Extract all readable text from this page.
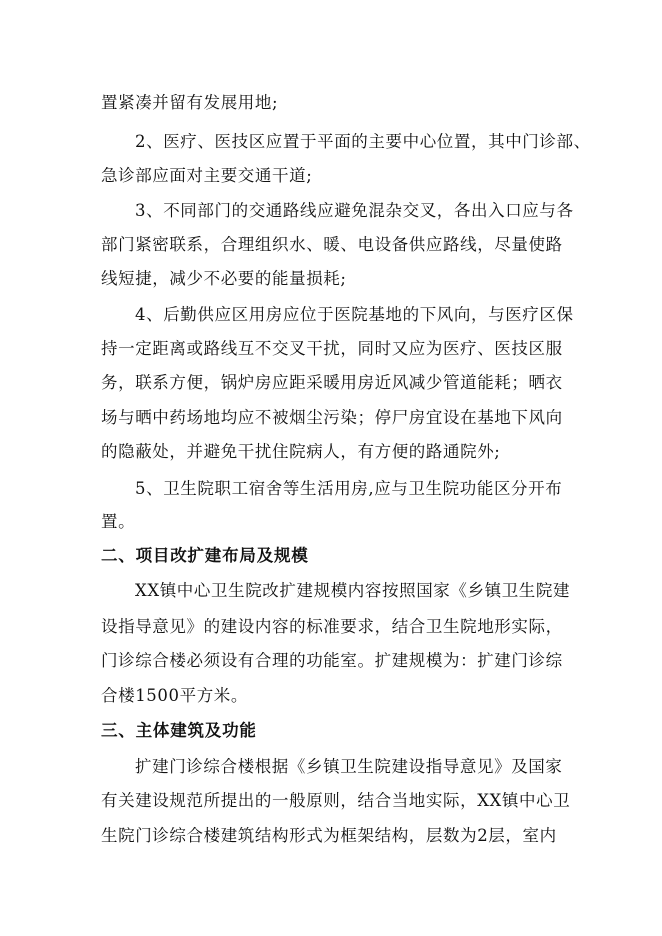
置紧凑并留有发展用地;
2、医疗、医技区应置于平面的主要中心位置，其中门诊部、
急诊部应面对主要交通干道;
3、不同部门的交通路线应避免混杂交叉，各出入口应与各
部门紧密联系，合理组织水、暖、电设备供应路线，尽量使路
线短捷，减少不必要的能量损耗;
4、后勤供应区用房应位于医院基地的下风向，与医疗区保
持一定距离或路线互不交叉干扰，同时又应为医疗、医技区服
务，联系方便，锅炉房应距采暖用房近风减少管道能耗；晒衣
场与晒中药场地均应不被烟尘污染；停尸房宜设在基地下风向
的隐蔽处，并避免干扰住院病人，有方便的路通院外;
5、卫生院职工宿舍等生活用房,应与卫生院功能区分开布
置。
二、项目改扩建布局及规模
XX镇中心卫生院改扩建规模内容按照国家《乡镇卫生院建
设指导意见》的建设内容的标准要求，结合卫生院地形实际，
门诊综合楼必须设有合理的功能室。扩建规模为：扩建门诊综
合楼1500平方米。
三、主体建筑及功能
扩建门诊综合楼根据《乡镇卫生院建设指导意见》及国家
有关建设规范所提出的一般原则，结合当地实际，XX镇中心卫
生院门诊综合楼建筑结构形式为框架结构，层数为2层，室内
